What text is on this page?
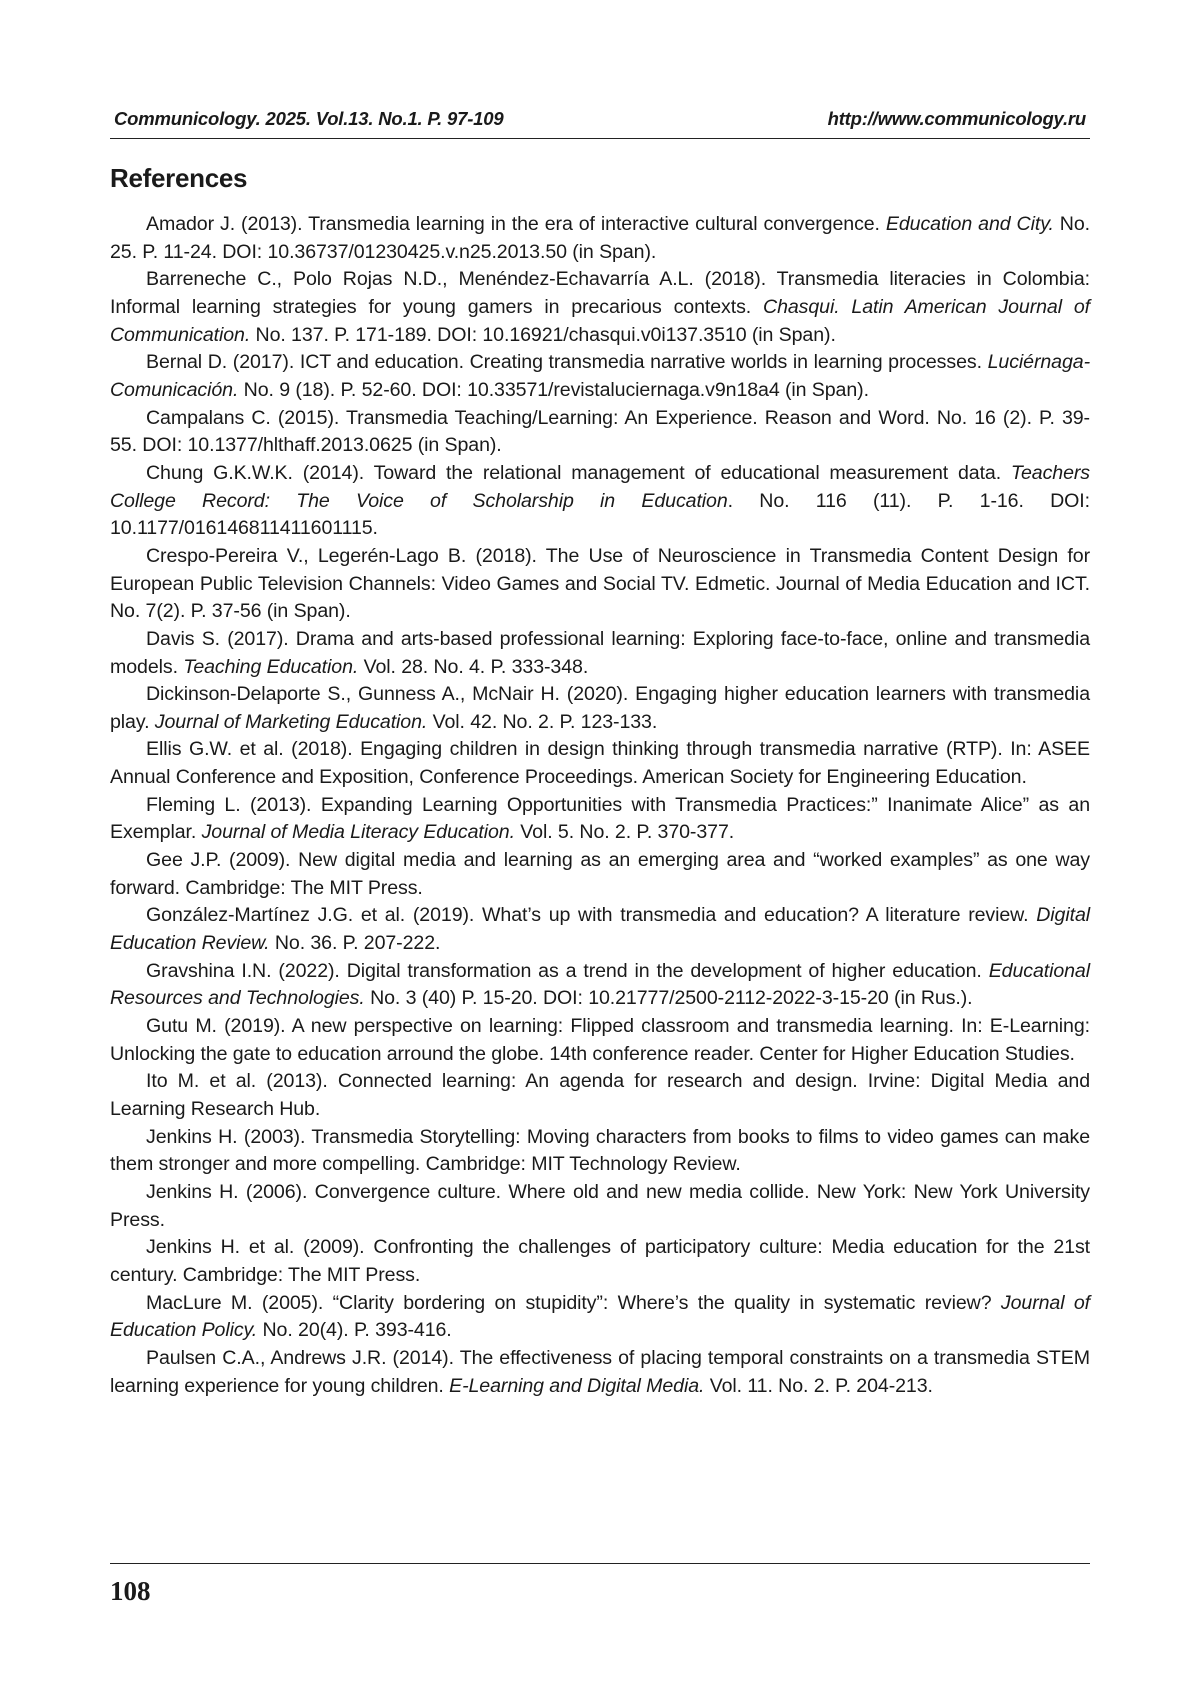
Communicology. 2025. Vol.13. No.1. P. 97-109	http://www.communicology.ru
References

Amador J. (2013). Transmedia learning in the era of interactive cultural convergence. Education and City. No. 25. P. 11-24. DOI: 10.36737/01230425.v.n25.2013.50 (in Span).

Barreneche C., Polo Rojas N.D., Menéndez-Echavarría A.L. (2018). Transmedia literacies in Colombia: Informal learning strategies for young gamers in precarious contexts. Chasqui. Latin American Journal of Communication. No. 137. P. 171-189. DOI: 10.16921/chasqui.v0i137.3510 (in Span).

Bernal D. (2017). ICT and education. Creating transmedia narrative worlds in learning processes. Luciérnaga-Comunicación. No. 9 (18). P. 52-60. DOI: 10.33571/revistaluciernaga.v9n18a4 (in Span).

Campalans C. (2015). Transmedia Teaching/Learning: An Experience. Reason and Word. No. 16 (2). P. 39-55. DOI: 10.1377/hlthaff.2013.0625 (in Span).

Chung G.K.W.K. (2014). Toward the relational management of educational measurement data. Teachers College Record: The Voice of Scholarship in Education. No. 116 (11). P. 1-16. DOI: 10.1177/016146811411601115.

Crespo-Pereira V., Legerén-Lago B. (2018). The Use of Neuroscience in Transmedia Content Design for European Public Television Channels: Video Games and Social TV. Edmetic. Journal of Media Education and ICT. No. 7(2). P. 37-56 (in Span).

Davis S. (2017). Drama and arts-based professional learning: Exploring face-to-face, online and transmedia models. Teaching Education. Vol. 28. No. 4. P. 333-348.

Dickinson-Delaporte S., Gunness A., McNair H. (2020). Engaging higher education learners with transmedia play. Journal of Marketing Education. Vol. 42. No. 2. P. 123-133.

Ellis G.W. et al. (2018). Engaging children in design thinking through transmedia narrative (RTP). In: ASEE Annual Conference and Exposition, Conference Proceedings. American Society for Engineering Education.

Fleming L. (2013). Expanding Learning Opportunities with Transmedia Practices:” Inanimate Alice” as an Exemplar. Journal of Media Literacy Education. Vol. 5. No. 2. P. 370-377.

Gee J.P. (2009). New digital media and learning as an emerging area and “worked examples” as one way forward. Cambridge: The MIT Press.

González-Martínez J.G. et al. (2019). What’s up with transmedia and education? A literature review. Digital Education Review. No. 36. P. 207-222.

Gravshina I.N. (2022). Digital transformation as a trend in the development of higher education. Educational Resources and Technologies. No. 3 (40) P. 15-20. DOI: 10.21777/2500-2112-2022-3-15-20 (in Rus.).

Gutu M. (2019). A new perspective on learning: Flipped classroom and transmedia learning. In: E-Learning: Unlocking the gate to education arround the globe. 14th conference reader. Center for Higher Education Studies.

Ito M. et al. (2013). Connected learning: An agenda for research and design. Irvine: Digital Media and Learning Research Hub.

Jenkins H. (2003). Transmedia Storytelling: Moving characters from books to films to video games can make them stronger and more compelling. Cambridge: MIT Technology Review.

Jenkins H. (2006). Convergence culture. Where old and new media collide. New York: New York University Press.

Jenkins H. et al. (2009). Confronting the challenges of participatory culture: Media education for the 21st century. Cambridge: The MIT Press.

MacLure M. (2005). “Clarity bordering on stupidity”: Where’s the quality in systematic review? Journal of Education Policy. No. 20(4). P. 393-416.

Paulsen C.A., Andrews J.R. (2014). The effectiveness of placing temporal constraints on a transmedia STEM learning experience for young children. E-Learning and Digital Media. Vol. 11. No. 2. P. 204-213.

108
